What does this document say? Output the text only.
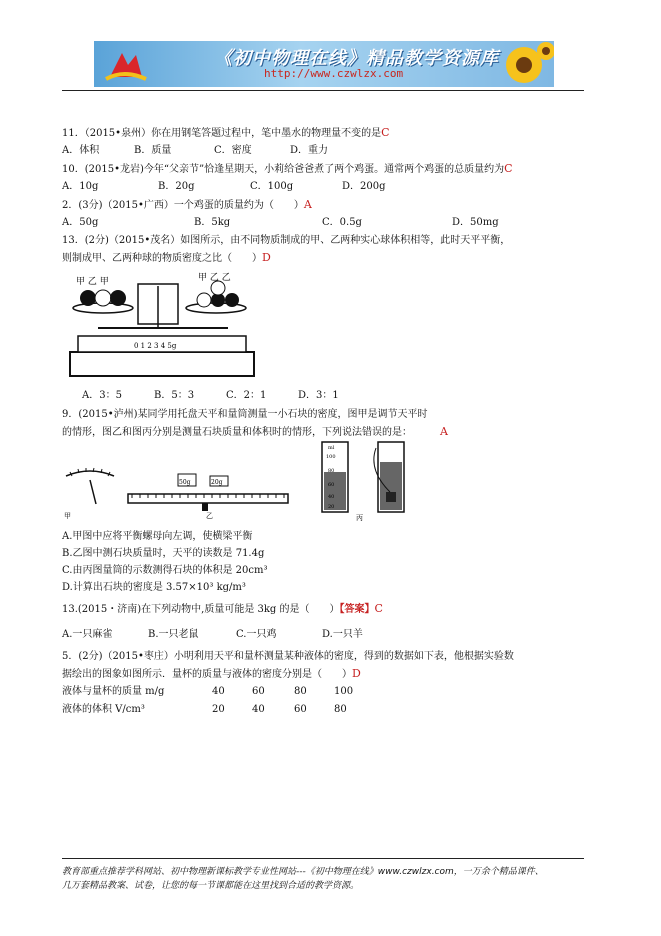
《初中物理在线》精品教学资源库
http://www.czwlzx.com
11．（2015•泉州）你在用钢笔答题过程中，笔中墨水的物理量不变的是C
A．体积	B．质量	C．密度	D．重力
10．(2015•龙岩)今年“父亲节”恰逢星期天，小莉给爸爸煮了两个鸡蛋。通常两个鸡蛋的总质量约为C
A．10g	B．20g	C．100g	D．200g
2．(3分)（2015•广西）一个鸡蛋的质量约为（　　）A
A．50g	B．5kg	C．0.5g	D．50mg
13．(2分)（2015•茂名）如图所示，由不同物质制成的甲、乙两种实心球体积相等，此时天平平衡，
则制成甲、乙两种球的物质密度之比（　　）D
甲 乙 甲	甲 乙 乙
0 1 2 3 4 5g
A．3：5	B．5：3	C．2：1	D．3：1
9．(2015•泸州)某同学用托盘天平和量筒测量一小石块的密度，图甲是调节天平时
的情形，图乙和图丙分别是测量石块质量和体积时的情形，下列说法错误的是：	A
甲
50g	20g
乙
ml
100
80
60
40
20
丙
A.甲图中应将平衡螺母向左调，使横梁平衡
B.乙图中测石块质量时，天平的读数是 71.4g
C.由丙图量筒的示数测得石块的体积是 20cm³
D.计算出石块的密度是 3.57×10³ kg/m³
13.(2015・济南)在下列动物中,质量可能是 3kg 的是（　　）【答案】C
A.一只麻雀	B.一只老鼠	C.一只鸡	D.一只羊
5．(2分)（2015•枣庄）小明利用天平和量杯测量某种液体的密度，得到的数据如下表，他根据实验数
据绘出的图象如图所示．量杯的质量与液体的密度分别是（　　）D
液体与量杯的质量 m/g	40	60	80	100
液体的体积 V/cm³	20	40	60	80
教育部重点推荐学科网站、初中物理新课标教学专业性网站---《初中物理在线》www.czwlzx.com，一万余个精品课件、
几万套精品教案、试卷，让您的每一节课都能在这里找到合适的教学资源。
